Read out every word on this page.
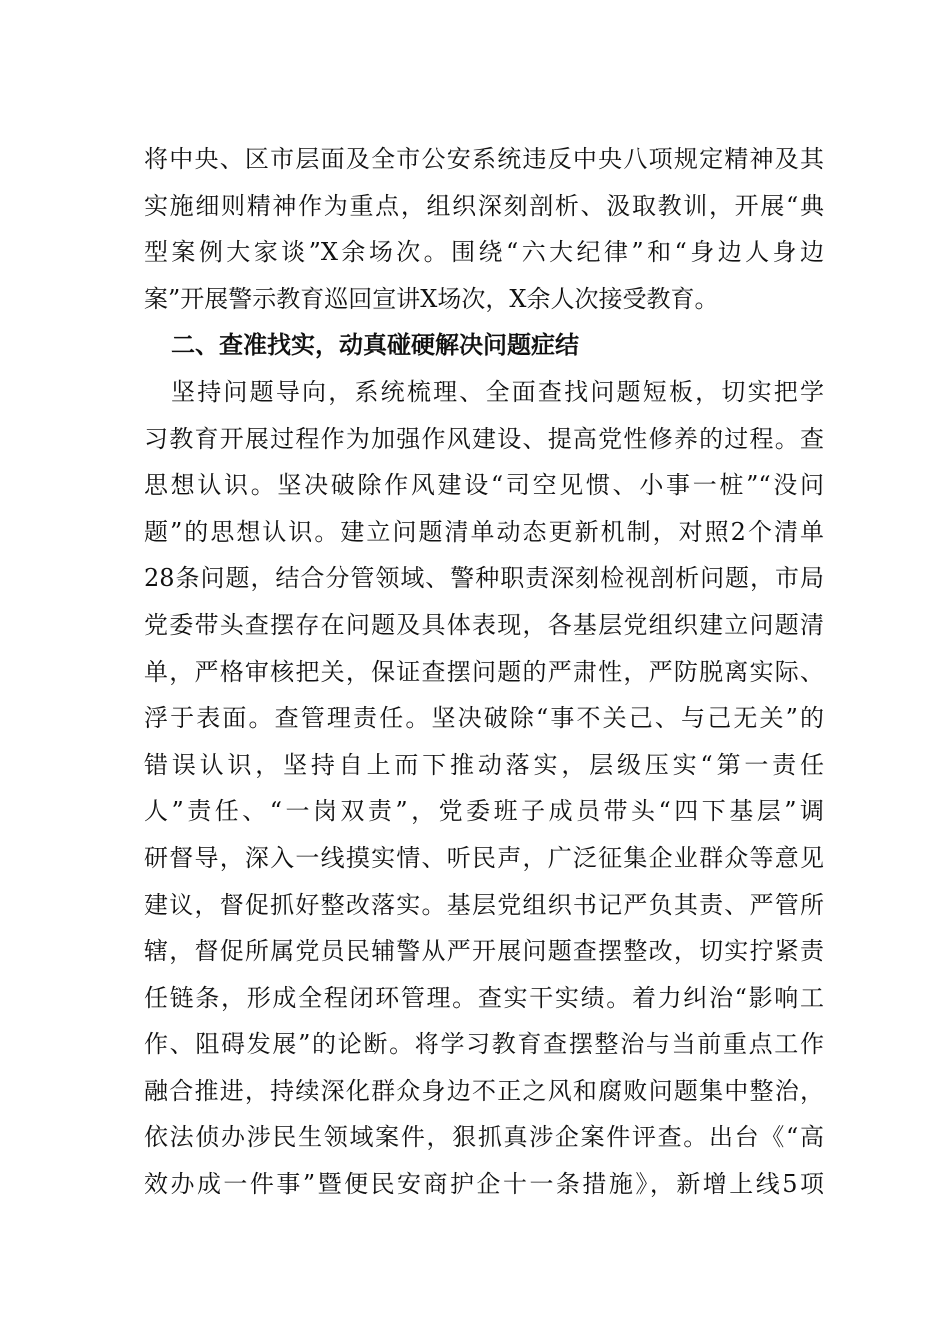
将中央、区市层面及全市公安系统违反中央八项规定精神及其
实施细则精神作为重点，组织深刻剖析、汲取教训，开展“典
型案例大家谈”X余场次。围绕“六大纪律”和“身边人身边
案”开展警示教育巡回宣讲X场次，X余人次接受教育。
二、查准找实，动真碰硬解决问题症结
坚持问题导向，系统梳理、全面查找问题短板，切实把学
习教育开展过程作为加强作风建设、提高党性修养的过程。查
思想认识。坚决破除作风建设“司空见惯、小事一桩”“没问
题”的思想认识。建立问题清单动态更新机制，对照2个清单
28条问题，结合分管领域、警种职责深刻检视剖析问题，市局
党委带头查摆存在问题及具体表现，各基层党组织建立问题清
单，严格审核把关，保证查摆问题的严肃性，严防脱离实际、
浮于表面。查管理责任。坚决破除“事不关己、与己无关”的
错误认识，坚持自上而下推动落实，层级压实“第一责任
人”责任、“一岗双责”，党委班子成员带头“四下基层”调
研督导，深入一线摸实情、听民声，广泛征集企业群众等意见
建议，督促抓好整改落实。基层党组织书记严负其责、严管所
辖，督促所属党员民辅警从严开展问题查摆整改，切实拧紧责
任链条，形成全程闭环管理。查实干实绩。着力纠治“影响工
作、阻碍发展”的论断。将学习教育查摆整治与当前重点工作
融合推进，持续深化群众身边不正之风和腐败问题集中整治，
依法侦办涉民生领域案件，狠抓真涉企案件评查。出台《“高
效办成一件事”暨便民安商护企十一条措施》，新增上线5项
